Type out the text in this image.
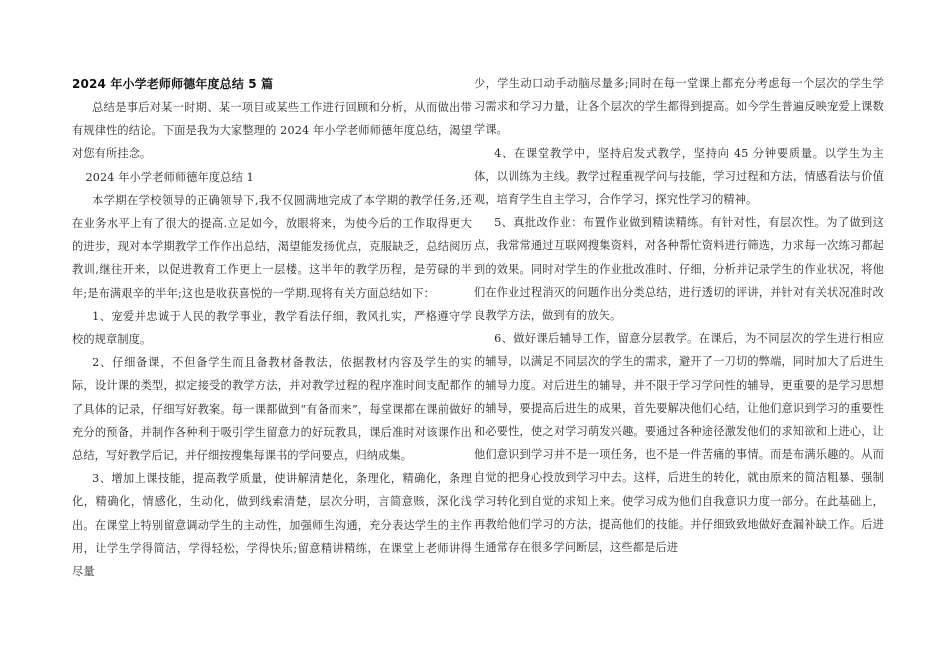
2024 年小学老师师德年度总结 5 篇

总结是事后对某一时期、某一项目或某些工作进行回顾和分析，从而做出带有规律性的结论。下面是我为大家整理的 2024 年小学老师师德年度总结，渴望对您有所挂念。

2024 年小学老师师德年度总结 1

本学期在学校领导的正确领导下,我不仅圆满地完成了本学期的教学任务,还在业务水平上有了很大的提高.立足如今，放眼将来，为使今后的工作取得更大的进步，现对本学期教学工作作出总结，渴望能发扬优点，克服缺乏，总结阅历教训,继往开来，以促进教育工作更上一层楼。这半年的教学历程，是劳碌的半年;是布满艰辛的半年;这也是收获喜悦的一学期.现将有关方面总结如下：

1、宠爱并忠诚于人民的教学事业，教学看法仔细，教风扎实，严格遵守学校的规章制度。

2、仔细备课，不但备学生而且备教材备教法，依据教材内容及学生的实际，设计课的类型，拟定接受的教学方法，并对教学过程的程序准时间支配都作了具体的记录，仔细写好教案。每一课都做到“有备而来”，每堂课都在课前做好充分的预备，并制作各种利于吸引学生留意力的好玩教具，课后准时对该课作出总结，写好教学后记，并仔细按搜集每课书的学问要点，归纳成集。

3、增加上课技能，提高教学质量，使讲解清楚化，条理化，精确化，条理化，精确化，情感化，生动化，做到线索清楚，层次分明，言简意赅，深化浅出。在课堂上特别留意调动学生的主动性，加强师生沟通，充分表达学生的主作用，让学生学得简洁，学得轻松，学得快乐;留意精讲精练，在课堂上老师讲得尽量

少，学生动口动手动脑尽量多;同时在每一堂课上都充分考虑每一个层次的学生学习需求和学习力量，让各个层次的学生都得到提高。如今学生普遍反映宠爱上课数学课。

4、在课堂教学中，坚持启发式教学，坚持向 45 分钟要质量。以学生为主体，以训练为主线。教学过程重视学问与技能，学习过程和方法，情感看法与价值观，培育学生自主学习，合作学习，探究性学习的精神。

5、真批改作业：布置作业做到精读精练。有针对性，有层次性。为了做到这点，我常常通过互联网搜集资料，对各种帮忙资料进行筛选，力求每一次练习都起到的效果。同时对学生的作业批改准时、仔细，分析并记录学生的作业状况，将他们在作业过程消灭的问题作出分类总结，进行透切的评讲，并针对有关状况准时改良教学方法，做到有的放矢。

6、做好课后辅导工作，留意分层教学。在课后，为不同层次的学生进行相应的辅导，以满足不同层次的学生的需求，避开了一刀切的弊端，同时加大了后进生的辅导力度。对后进生的辅导，并不限于学习学问性的辅导，更重要的是学习思想的辅导，要提高后进生的成果，首先要解决他们心结，让他们意识到学习的重要性和必要性，使之对学习萌发兴趣。要通过各种途径激发他们的求知欲和上进心，让他们意识到学习并不是一项任务，也不是一件苦痛的事情。而是布满乐趣的。从而自觉的把身心投放到学习中去。这样，后进生的转化，就由原来的简洁粗暴、强制学习转化到自觉的求知上来。使学习成为他们自我意识力度一部分。在此基础上，再教给他们学习的方法，提高他们的技能。并仔细致致地做好查漏补缺工作。后进生通常存在很多学问断层，这些都是后进
